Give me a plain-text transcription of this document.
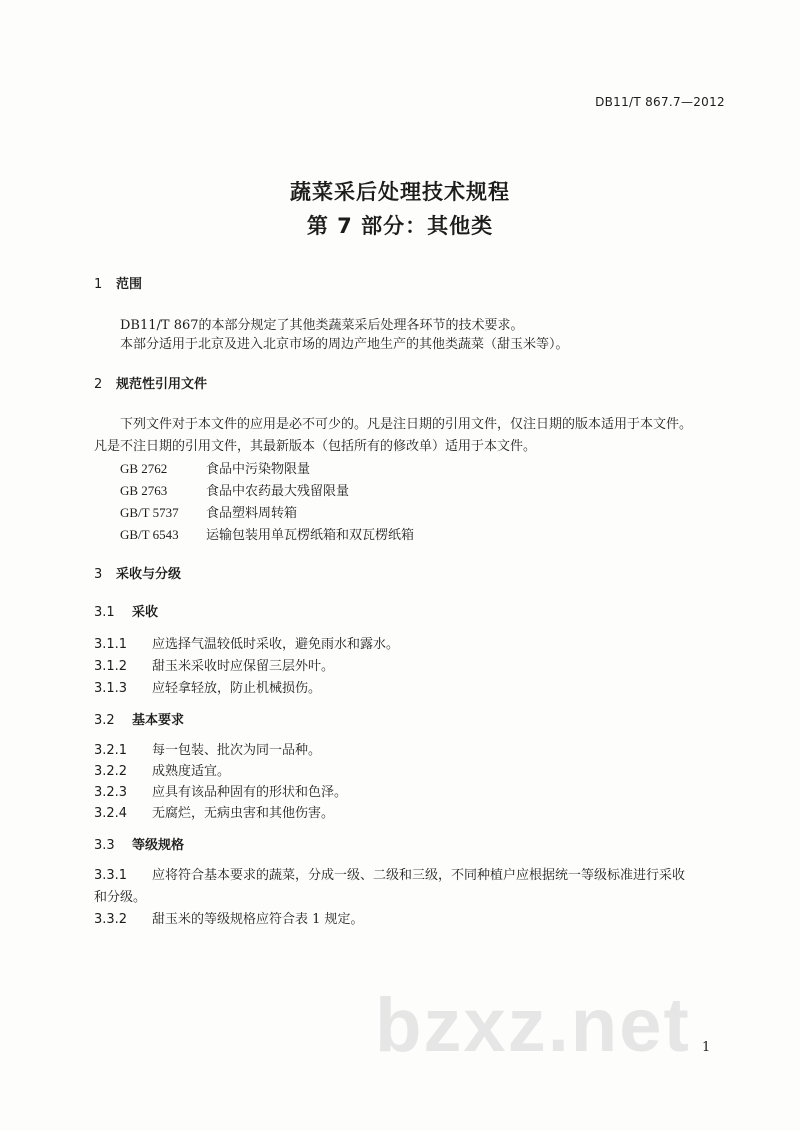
DB11/T 867.7—2012
蔬菜采后处理技术规程
第 7 部分：其他类
1 范围
DB11/T 867的本部分规定了其他类蔬菜采后处理各环节的技术要求。
本部分适用于北京及进入北京市场的周边产地生产的其他类蔬菜（甜玉米等）。
2 规范性引用文件
下列文件对于本文件的应用是必不可少的。凡是注日期的引用文件，仅注日期的版本适用于本文件。
凡是不注日期的引用文件，其最新版本（包括所有的修改单）适用于本文件。
GB 2762	食品中污染物限量
GB 2763	食品中农药最大残留限量
GB/T 5737 食品塑料周转箱
GB/T 6543 运输包装用单瓦楞纸箱和双瓦楞纸箱
3 采收与分级
3.1 采收
3.1.1 应选择气温较低时采收，避免雨水和露水。
3.1.2 甜玉米采收时应保留三层外叶。
3.1.3 应轻拿轻放，防止机械损伤。
3.2 基本要求
3.2.1 每一包装、批次为同一品种。
3.2.2 成熟度适宜。
3.2.3 应具有该品种固有的形状和色泽。
3.2.4 无腐烂，无病虫害和其他伤害。
3.3 等级规格
3.3.1 应将符合基本要求的蔬菜，分成一级、二级和三级，不同种植户应根据统一等级标准进行采收
和分级。
3.3.2 甜玉米的等级规格应符合表 1 规定。
bzxz.net 1
